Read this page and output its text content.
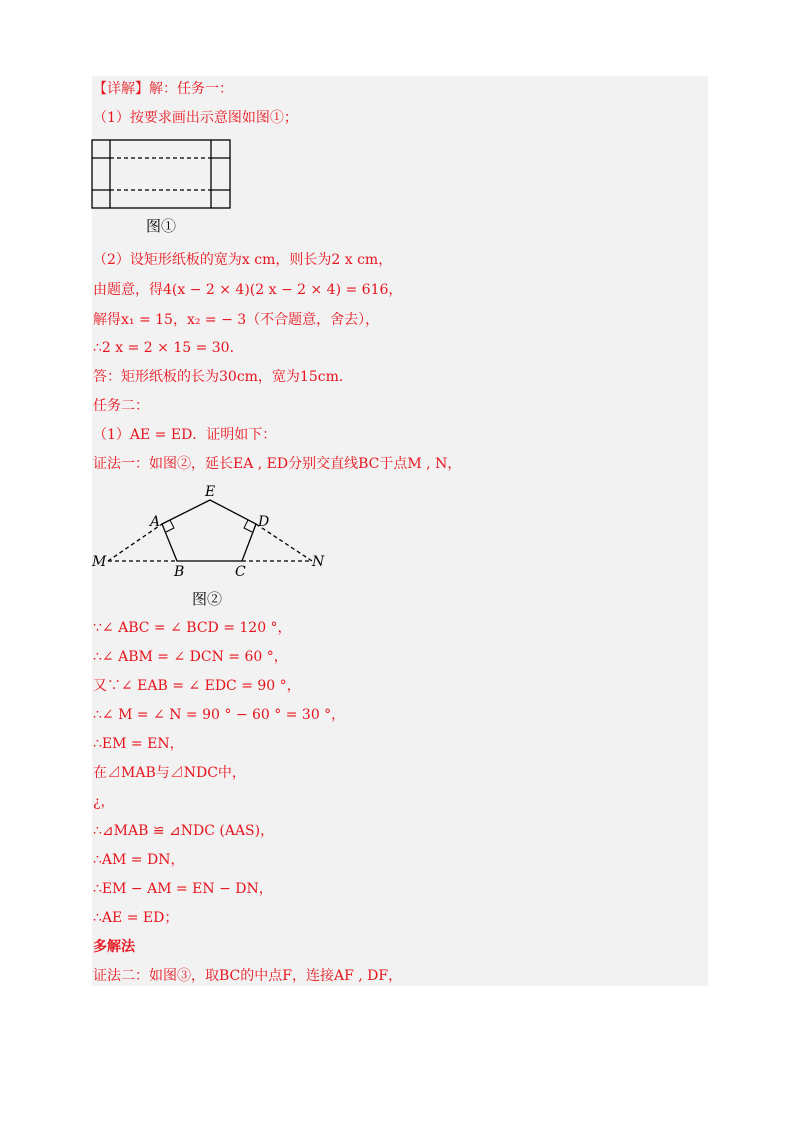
【详解】解：任务一：
（1）按要求画出示意图如图①；
图①
（2）设矩形纸板的宽为x cm，则长为2 x cm，
由题意，得4(x − 2 × 4)(2 x − 2 × 4) = 616，
解得x₁ = 15，x₂ = − 3（不合题意，舍去），
∴2 x = 2 × 15 = 30．
答：矩形纸板的长为30cm，宽为15cm．
任务二：
（1）AE = ED．证明如下：
证法一：如图②，延长EA , ED分别交直线BC于点M , N，
E
A	D
M
B	C
N
图②
∵∠ ABC = ∠ BCD = 120 °，
∴∠ ABM = ∠ DCN = 60 °，
又∵∠ EAB = ∠ EDC = 90 °，
∴∠ M = ∠ N = 90 ° − 60 ° = 30 °，
∴EM = EN，
在⊿MAB与⊿NDC中，
¿，
∴⊿MAB ≌ ⊿NDC (AAS)，
∴AM = DN，
∴EM − AM = EN − DN，
∴AE = ED；
多解法
证法二：如图③，取BC的中点F，连接AF , DF，
